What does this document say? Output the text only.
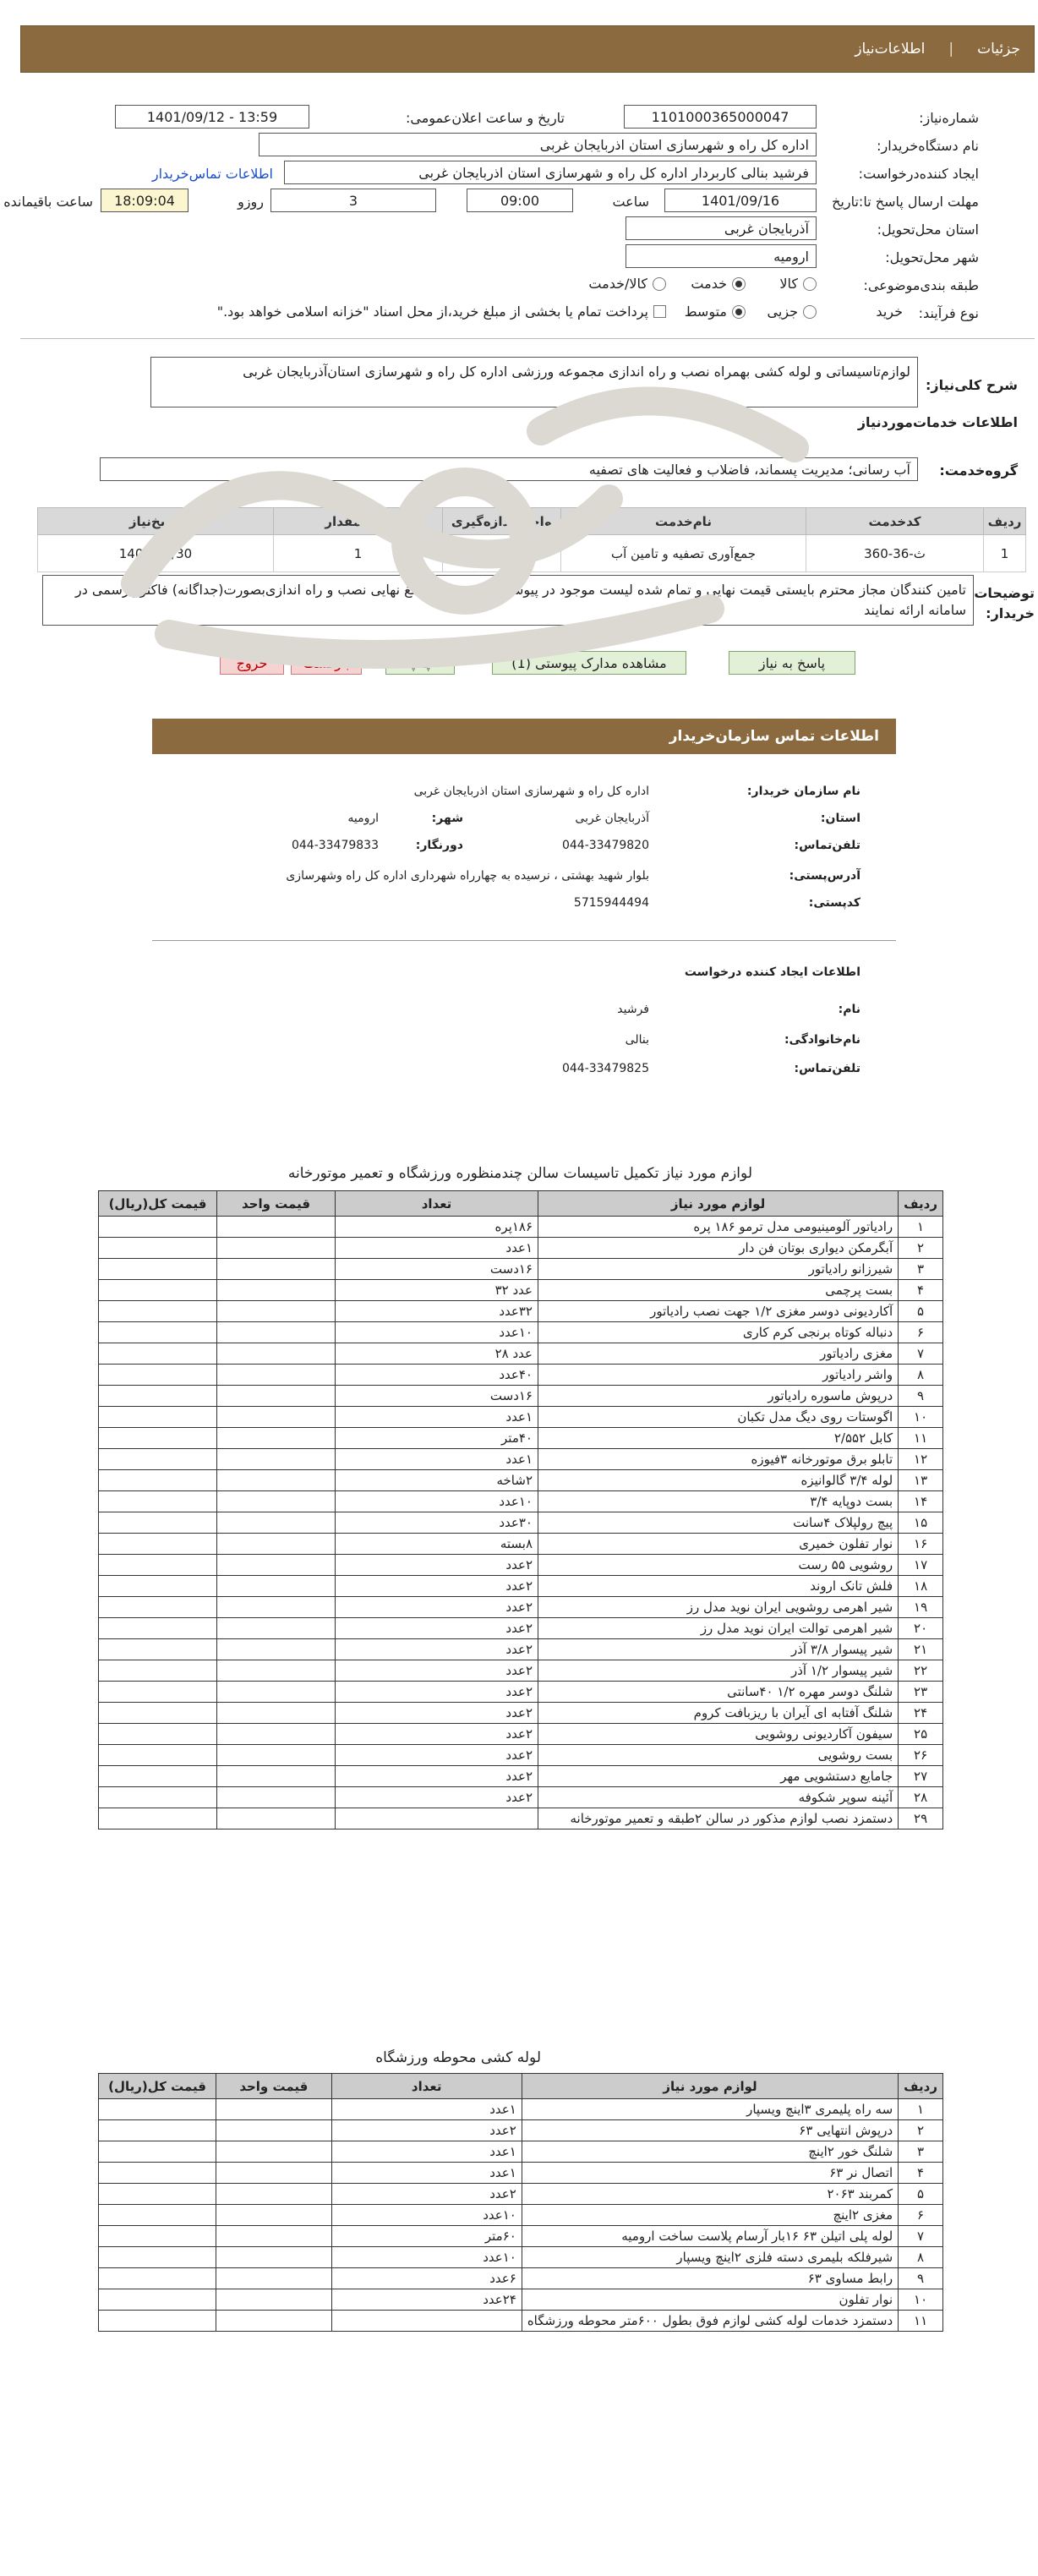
جزئیات
|
اطلاعات‌نیاز
شماره‌نیاز:
1101000365000047
تاریخ و ساعت اعلان‌عمومی:
1401/09/12 - 13:59
نام دستگاه‌خریدار:
اداره کل راه و شهرسازی استان اذربایجان غربی
ایجاد کننده‌درخواست:
فرشید بنالی کاربردار اداره کل راه و شهرسازی استان اذربایجان غربی
اطلاعات تماس‌خریدار
مهلت ارسال پاسخ تا:تاریخ
1401/09/16
ساعت
09:00
3
روزو
18:09:04
ساعت باقیمانده
استان محل‌تحویل:
آذربایجان غربی
شهر محل‌تحویل:
ارومیه
طبقه بندی‌موضوعی:
کالا
خدمت
کالا/خدمت
نوع فرآیند:
خرید
جزیی
متوسط
پرداخت تمام یا بخشی از مبلغ خرید،از محل اسناد "خزانه اسلامی خواهد بود."
شرح کلی‌نیاز:
لوازم‌تاسیساتی و لوله کشی بهمراه نصب و راه اندازی مجموعه ورزشی اداره کل راه و شهرسازی استان‌آذربایجان غربی
اطلاعات خدمات‌موردنیاز
گروه‌خدمت:
آب رسانی؛ مدیریت پسماند، فاضلاب و فعالیت های تصفیه
ردیف	کدخدمت	نام‌خدمت	واحد اندازه‌گیری	تعداد‌مقدار	تاریخ‌نیاز
1	ث-36-360	جمع‌آوری تصفیه و تامین آب	پروژه	1	1401/09/30
توضیحات خریدار:
تامین کنندگان مجاز محترم بایستی قیمت نهایی و تمام شده لیست موجود در پیوست را به همراه مبلغ نهایی نصب و راه اندازی‌بصورت(جداگانه) فاکتور رسمی در سامانه ارائه نمایند
پاسخ به نیاز
مشاهده مدارک پیوستی (1)
چاپ
بازگشت
خروج
اطلاعات تماس سازمان‌خریدار
نام سازمان‌ خریدار:
اداره کل راه و شهرسازی استان اذربایجان غربی
استان:
آذربایجان غربی
شهر:
ارومیه
تلفن‌تماس:
044-33479820
دورنگار:
044-33479833
آدرس‌پستی:
بلوار شهید بهشتی ، نرسیده به چهارراه شهرداری اداره کل راه وشهرسازی
کد‌پستی:
5715944494
اطلاعات ایجاد کننده درخواست
نام:
فرشید
نام‌خانوادگی:
بنالی
تلفن‌تماس:
044-33479825
لوازم مورد نیاز تکمیل تاسیسات سالن چندمنظوره ورزشگاه و تعمیر موتورخانه
ردیف	لوازم مورد نیاز	تعداد	قیمت واحد	قیمت کل(ریال)
۱	رادیاتور آلومینیومی مدل ترمو ۱۸۶ پره	۱۸۶پره		
۲	آبگرمکن دیواری بوتان فن دار	۱عدد		
۳	شیرزانو رادیاتور	۱۶دست		
۴	بست پرچمی	عدد ۳۲		
۵	آکاردیونی دوسر مغزی ۱/۲ جهت نصب رادیاتور	۳۲عدد		
۶	دنباله کوتاه برنجی کرم کاری	۱۰عدد		
۷	مغزی رادیاتور	عدد ۲۸		
۸	واشر رادیاتور	۴۰عدد		
۹	درپوش ماسوره رادیاتور	۱۶دست		
۱۰	اگوستات روی دیگ مدل تکبان	۱عدد		
۱۱	کابل ۲/۵۵۲	۴۰متر		
۱۲	تابلو برق موتورخانه ۳فیوزه	۱عدد		
۱۳	لوله ۳/۴ گالوانیزه	۲شاخه		
۱۴	بست دوپایه ۳/۴	۱۰عدد		
۱۵	پیچ رولپلاک ۴سانت	۳۰عدد		
۱۶	نوار تفلون خمیری	۸بسته		
۱۷	روشویی ۵۵ رست	۲عدد		
۱۸	فلش تانک اروند	۲عدد		
۱۹	شیر اهرمی روشویی ایران نوید مدل رز	۲عدد		
۲۰	شیر اهرمی توالت ایران نوید مدل رز	۲عدد		
۲۱	شیر پیسوار ۳/۸ آذر	۲عدد		
۲۲	شیر پیسوار ۱/۲ آذر	۲عدد		
۲۳	شلنگ دوسر مهره ۱/۲ ۴۰سانتی	۲عدد		
۲۴	شلنگ آفتابه ای آیران با ریزبافت کروم	۲عدد		
۲۵	سیفون آکاردیونی روشویی	۲عدد		
۲۶	بست روشویی	۲عدد		
۲۷	جامایع دستشویی مهر	۲عدد		
۲۸	آئینه سوپر شکوفه	۲عدد		
۲۹	دستمزد نصب لوازم مذکور در سالن ۲طبقه و تعمیر موتورخانه			
لوله کشی محوطه ورزشگاه
ردیف	لوازم مورد نیاز	تعداد	قیمت واحد	قیمت کل(ریال)
۱	سه راه پلیمری ۳اینچ ویسپار	۱عدد		
۲	درپوش انتهایی ۶۳	۲عدد		
۳	شلنگ خور ۲اینچ	۱عدد		
۴	اتصال نر ۶۳	۱عدد		
۵	کمربند ۲۰۶۳	۲عدد		
۶	مغزی ۲اینچ	۱۰عدد		
۷	لوله پلی اتیلن ۶۳ ۱۶بار آرسام پلاست ساخت ارومیه	۶۰متر		
۸	شیرفلکه بلیمری دسته فلزی ۲اینچ ویسپار	۱۰عدد		
۹	رابط مساوی ۶۳	۶عدد		
۱۰	نوار تفلون	۲۴عدد		
۱۱	دستمزد خدمات لوله کشی لوازم فوق بطول ۶۰۰متر محوطه ورزشگاه			
